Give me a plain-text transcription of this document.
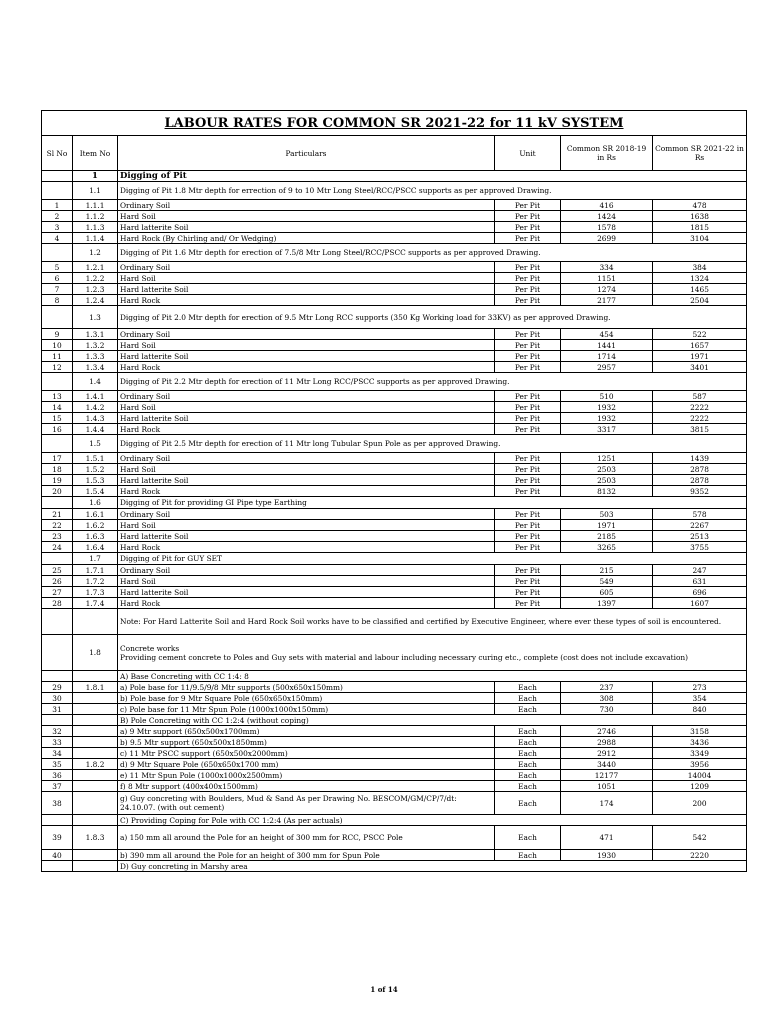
LABOUR RATES FOR COMMON SR 2021-22 for 11 kV SYSTEM					
Sl No	Item No	Particulars	Unit	Common SR 2018-19 in Rs	Common SR 2021-22 in Rs
	1	Digging of Pit			
	1.1	Digging of Pit 1.8 Mtr depth for errection of 9 to 10 Mtr Long Steel/RCC/PSCC supports as per approved Drawing.			
1	1.1.1	Ordinary Soil	Per Pit	416	478
2	1.1.2	Hard Soil	Per Pit	1424	1638
3	1.1.3	Hard latterite Soil	Per Pit	1578	1815
4	1.1.4	Hard Rock (By Chirling and/ Or Wedging)	Per Pit	2699	3104
	1.2	Digging of Pit 1.6 Mtr depth for erection of 7.5/8 Mtr Long Steel/RCC/PSCC supports as per approved Drawing.			
5	1.2.1	Ordinary Soil	Per Pit	334	384
6	1.2.2	Hard Soil	Per Pit	1151	1324
7	1.2.3	Hard latterite Soil	Per Pit	1274	1465
8	1.2.4	Hard Rock	Per Pit	2177	2504
	1.3	Digging of Pit 2.0 Mtr depth for erection of 9.5 Mtr Long RCC supports (350 Kg Working load for 33KV) as per approved Drawing.			
9	1.3.1	Ordinary Soil	Per Pit	454	522
10	1.3.2	Hard Soil	Per Pit	1441	1657
11	1.3.3	Hard latterite Soil	Per Pit	1714	1971
12	1.3.4	Hard Rock	Per Pit	2957	3401
	1.4	Digging of Pit 2.2 Mtr depth for erection of 11 Mtr Long RCC/PSCC supports as per approved Drawing.			
13	1.4.1	Ordinary Soil	Per Pit	510	587
14	1.4.2	Hard Soil	Per Pit	1932	2222
15	1.4.3	Hard latterite Soil	Per Pit	1932	2222
16	1.4.4	Hard Rock	Per Pit	3317	3815
	1.5	Digging of Pit 2.5 Mtr depth for erection of 11 Mtr long Tubular Spun Pole as per approved Drawing.			
17	1.5.1	Ordinary Soil	Per Pit	1251	1439
18	1.5.2	Hard Soil	Per Pit	2503	2878
19	1.5.3	Hard latterite Soil	Per Pit	2503	2878
20	1.5.4	Hard Rock	Per Pit	8132	9352
	1.6	Digging of Pit for providing GI Pipe type Earthing			
21	1.6.1	Ordinary Soil	Per Pit	503	578
22	1.6.2	Hard Soil	Per Pit	1971	2267
23	1.6.3	Hard latterite Soil	Per Pit	2185	2513
24	1.6.4	Hard Rock	Per Pit	3265	3755
	1.7	Digging of Pit for GUY SET			
25	1.7.1	Ordinary Soil	Per Pit	215	247
26	1.7.2	Hard Soil	Per Pit	549	631
27	1.7.3	Hard latterite Soil	Per Pit	605	696
28	1.7.4	Hard Rock	Per Pit	1397	1607
		Note: For Hard Latterite Soil and Hard Rock Soil works have to be classified and certified by Executive Engineer, where ever these types of soil is encountered.			
	1.8	Concrete works
Providing cement concrete to Poles and Guy sets with material and labour including necessary curing etc., complete (cost does not include excavation)			
		A) Base Concreting with CC 1:4: 8			
29	1.8.1	a) Pole base for 11/9.5/9/8 Mtr supports (500x650x150mm)	Each	237	273
30		b) Pole base for 9 Mtr Square Pole (650x650x150mm)	Each	308	354
31		c) Pole base for 11 Mtr Spun Pole (1000x1000x150mm)	Each	730	840
		B) Pole Concreting with CC 1:2:4 (without coping)			
32		a) 9 Mtr support (650x500x1700mm)	Each	2746	3158
33		b) 9.5 Mtr support (650x500x1850mm)	Each	2988	3436
34		c) 11 Mtr PSCC support (650x500x2000mm)	Each	2912	3349
35	1.8.2	d) 9 Mtr Square Pole (650x650x1700 mm)	Each	3440	3956
36		e) 11 Mtr Spun Pole (1000x1000x2500mm)	Each	12177	14004
37		f) 8 Mtr support (400x400x1500mm)	Each	1051	1209
38		g) Guy concreting with Boulders, Mud & Sand As per Drawing No. BESCOM/GM/CP/7/dt: 24.10.07. (with out cement)	Each	174	200
		C) Providing Coping for Pole with CC 1:2:4 (As per actuals)			
39	1.8.3	a) 150 mm all around the Pole for an height of 300 mm for RCC, PSCC Pole	Each	471	542
40		b) 390 mm all around the Pole for an height of 300 mm for Spun Pole	Each	1930	2220
		D) Guy concreting in Marshy area			
1 of 14
